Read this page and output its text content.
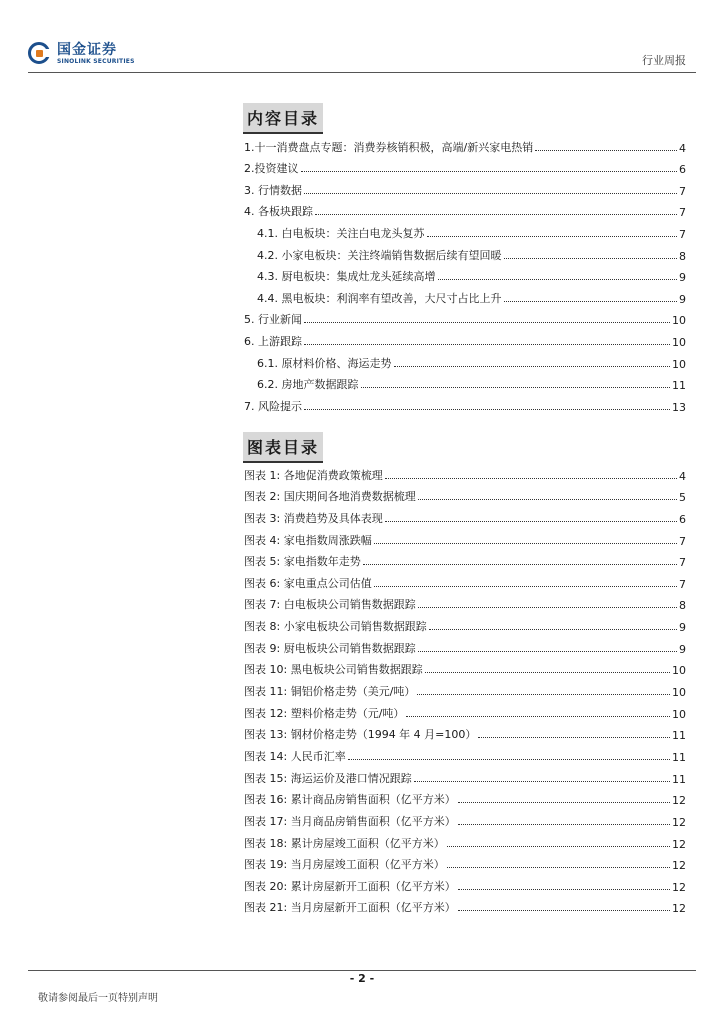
国金证券
SINOLINK SECURITIES	行业周报
内容目录
1.十一消费盘点专题：消费券核销积极，高端/新兴家电热销	4
2.投资建议	6
3. 行情数据	7
4. 各板块跟踪	7
4.1. 白电板块：关注白电龙头复苏	7
4.2. 小家电板块：关注终端销售数据后续有望回暖	8
4.3. 厨电板块：集成灶龙头延续高增	9
4.4. 黑电板块：利润率有望改善，大尺寸占比上升	9
5. 行业新闻	10
6. 上游跟踪	10
6.1. 原材料价格、海运走势	10
6.2. 房地产数据跟踪	11
7. 风险提示	13
图表目录
图表 1: 各地促消费政策梳理	4
图表 2: 国庆期间各地消费数据梳理	5
图表 3: 消费趋势及具体表现	6
图表 4: 家电指数周涨跌幅	7
图表 5: 家电指数年走势	7
图表 6: 家电重点公司估值	7
图表 7: 白电板块公司销售数据跟踪	8
图表 8: 小家电板块公司销售数据跟踪	9
图表 9: 厨电板块公司销售数据跟踪	9
图表 10: 黑电板块公司销售数据跟踪	10
图表 11: 铜铝价格走势（美元/吨）	10
图表 12: 塑料价格走势（元/吨）	10
图表 13: 钢材价格走势（1994 年 4 月=100）	11
图表 14: 人民币汇率	11
图表 15: 海运运价及港口情况跟踪	11
图表 16: 累计商品房销售面积（亿平方米）	12
图表 17: 当月商品房销售面积（亿平方米）	12
图表 18: 累计房屋竣工面积（亿平方米）	12
图表 19: 当月房屋竣工面积（亿平方米）	12
图表 20: 累计房屋新开工面积（亿平方米）	12
图表 21: 当月房屋新开工面积（亿平方米）	12
- 2 -
敬请参阅最后一页特别声明
